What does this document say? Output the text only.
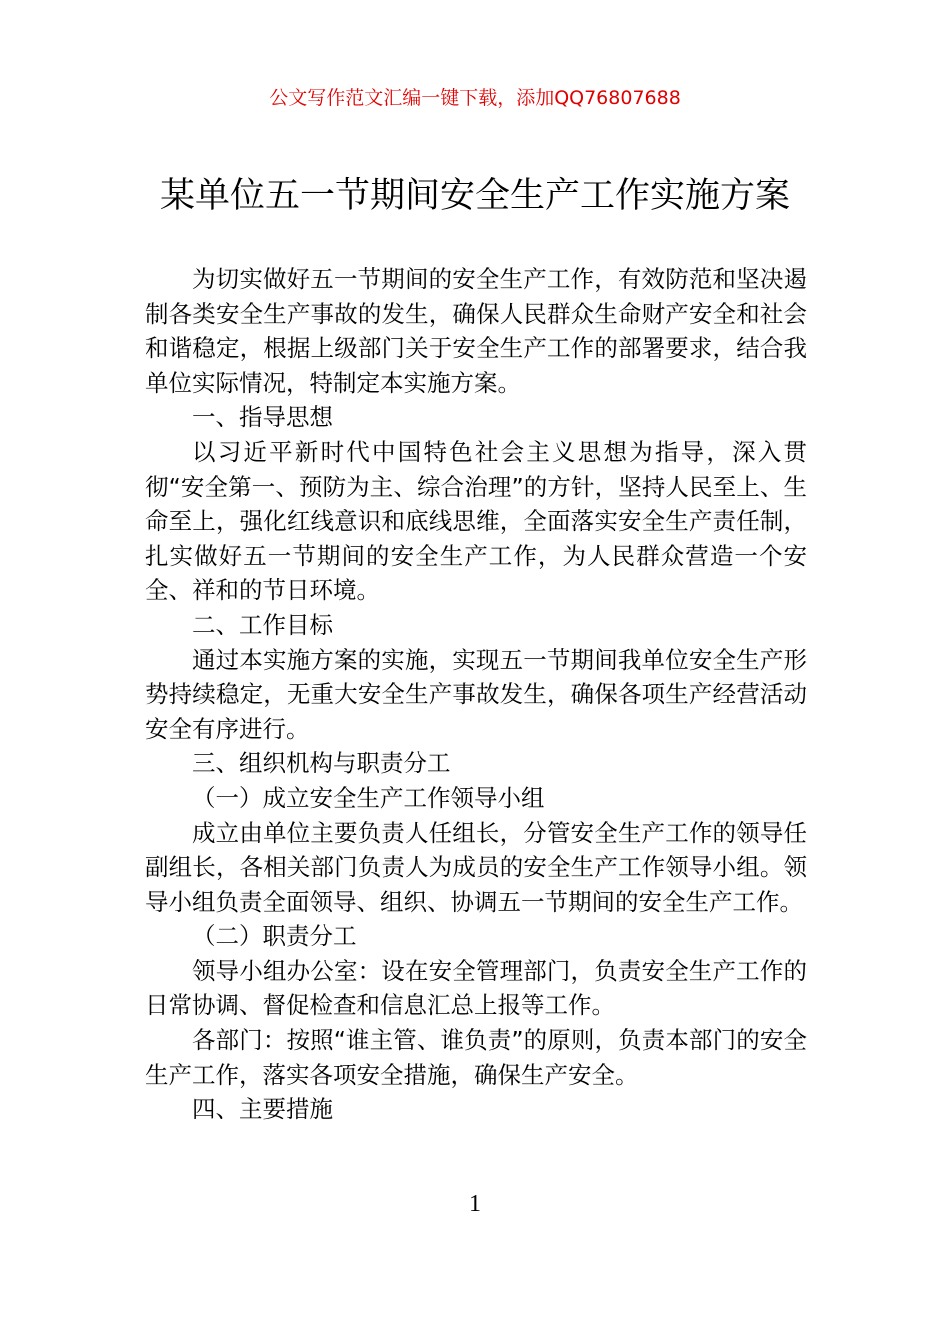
公文写作范文汇编一键下载，添加QQ76807688
某单位五一节期间安全生产工作实施方案

为切实做好五一节期间的安全生产工作，有效防范和坚决遏制各类安全生产事故的发生，确保人民群众生命财产安全和社会和谐稳定，根据上级部门关于安全生产工作的部署要求，结合我单位实际情况，特制定本实施方案。

一、指导思想

以习近平新时代中国特色社会主义思想为指导，深入贯彻“安全第一、预防为主、综合治理”的方针，坚持人民至上、生命至上，强化红线意识和底线思维，全面落实安全生产责任制，扎实做好五一节期间的安全生产工作，为人民群众营造一个安全、祥和的节日环境。

二、工作目标

通过本实施方案的实施，实现五一节期间我单位安全生产形势持续稳定，无重大安全生产事故发生，确保各项生产经营活动安全有序进行。

三、组织机构与职责分工

（一）成立安全生产工作领导小组

成立由单位主要负责人任组长，分管安全生产工作的领导任副组长，各相关部门负责人为成员的安全生产工作领导小组。领导小组负责全面领导、组织、协调五一节期间的安全生产工作。

（二）职责分工

领导小组办公室：设在安全管理部门，负责安全生产工作的日常协调、督促检查和信息汇总上报等工作。

各部门：按照“谁主管、谁负责”的原则，负责本部门的安全生产工作，落实各项安全措施，确保生产安全。

四、主要措施

1
